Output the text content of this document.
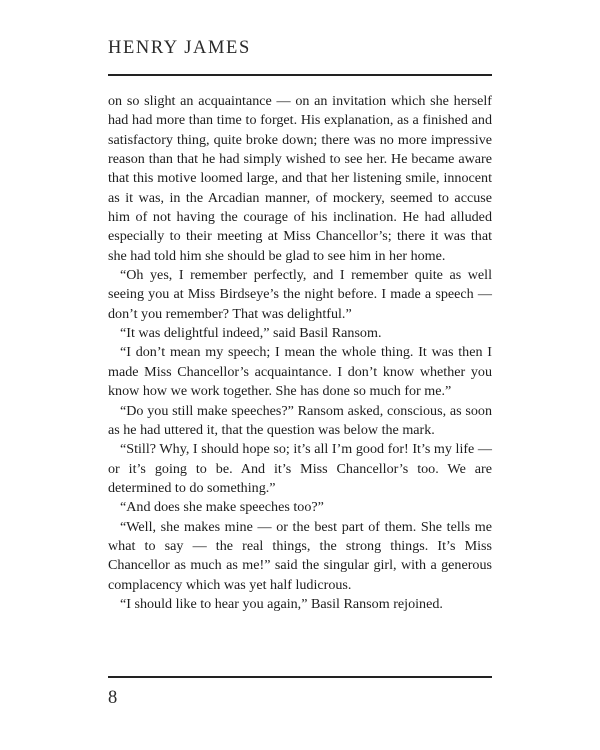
HENRY JAMES

on so slight an acquaintance — on an invitation which she herself had had more than time to forget. His explanation, as a finished and satisfactory thing, quite broke down; there was no more impressive reason than that he had simply wished to see her. He became aware that this motive loomed large, and that her listening smile, innocent as it was, in the Arcadian manner, of mockery, seemed to accuse him of not having the courage of his inclination. He had alluded especially to their meeting at Miss Chancellor’s; there it was that she had told him she should be glad to see him in her home.

“Oh yes, I remember perfectly, and I remember quite as well seeing you at Miss Birdseye’s the night before. I made a speech — don’t you remember? That was delightful.”

“It was delightful indeed,” said Basil Ransom.

“I don’t mean my speech; I mean the whole thing. It was then I made Miss Chancellor’s acquaintance. I don’t know whether you know how we work together. She has done so much for me.”

“Do you still make speeches?” Ransom asked, conscious, as soon as he had uttered it, that the question was below the mark.

“Still? Why, I should hope so; it’s all I’m good for! It’s my life — or it’s going to be. And it’s Miss Chancellor’s too. We are determined to do something.”

“And does she make speeches too?”

“Well, she makes mine — or the best part of them. She tells me what to say — the real things, the strong things. It’s Miss Chancellor as much as me!” said the singular girl, with a generous complacency which was yet half ludicrous.

“I should like to hear you again,” Basil Ransom rejoined.

8
